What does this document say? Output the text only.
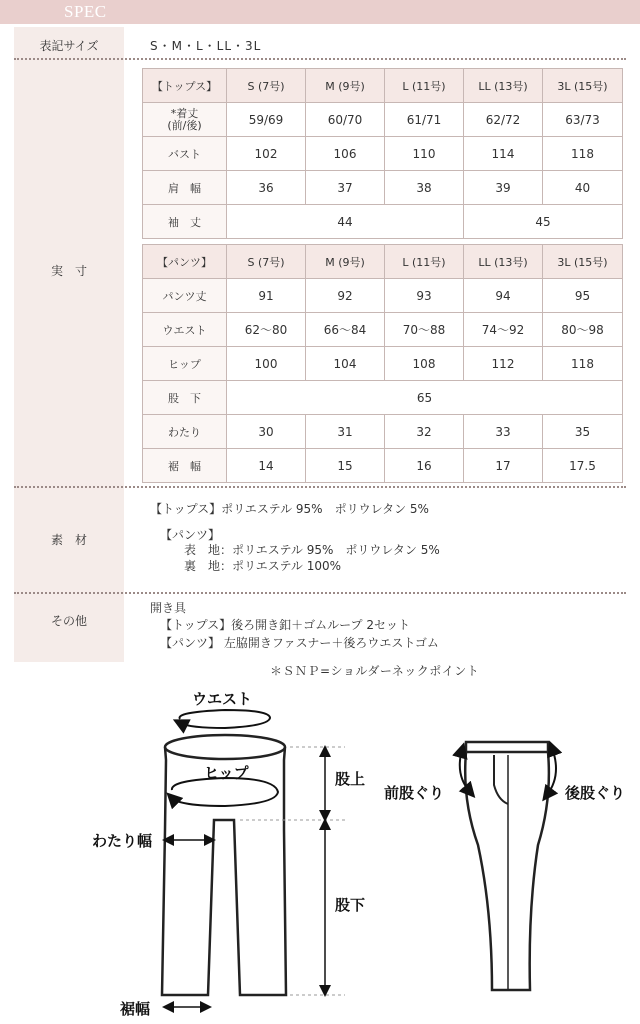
SPEC
表記サイズ	S・M・L・LL・3L
実　寸
【トップス】	S (7号)	M (9号)	L (11号)	LL (13号)	3L (15号)
*着丈
(前/後)	59/69	60/70	61/71	62/72	63/73
バスト	102	106	110	114	118
肩　幅	36	37	38	39	40
袖　丈	44			45	
【パンツ】	S (7号)	M (9号)	L (11号)	LL (13号)	3L (15号)
パンツ丈	91	92	93	94	95
ウエスト	62～80	66～84	70～88	74～92	80～98
ヒップ	100	104	108	112	118
股　下	65				
わたり	30	31	32	33	35
裾　幅	14	15	16	17	17.5
素　材
【トップス】ポリエステル 95%　ポリウレタン 5%
【パンツ】
　　表　地：ポリエステル 95%　ポリウレタン 5%
　　裏　地：ポリエステル 100%
その他
開き具
【トップス】後ろ開き釦＋ゴムループ 2セット
【パンツ】 左脇開きファスナー＋後ろウエストゴム
＊ＳＮＰ=ショルダーネックポイント
ウエスト
ヒップ	股上
わたり幅
股下
裾幅
前股ぐり	後股ぐり
